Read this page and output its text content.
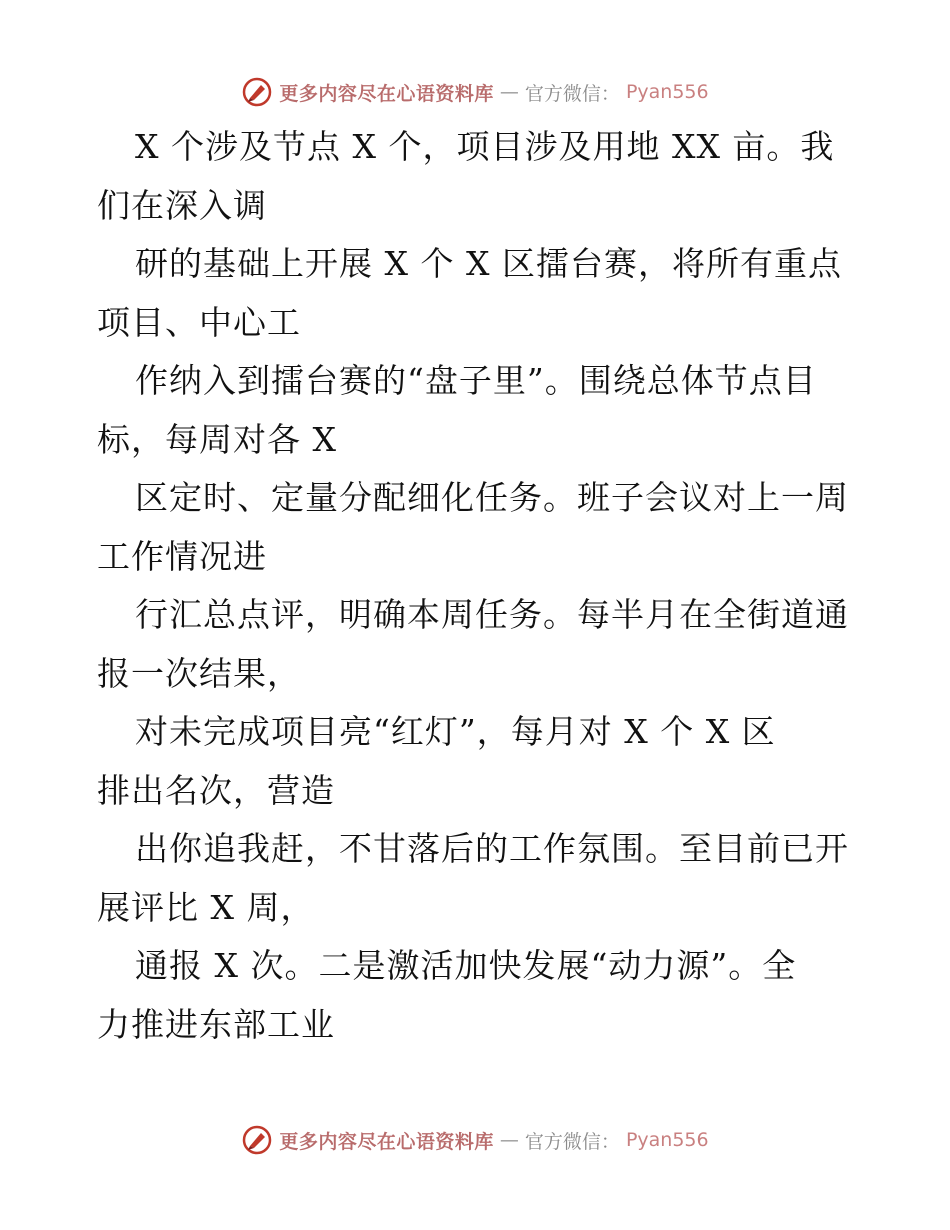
更多内容尽在心语资料库 — 官方微信： Pyan556
X 个涉及节点 X 个，项目涉及用地 XX 亩。我
们在深入调
研的基础上开展 X 个 X 区擂台赛，将所有重点
项目、中心工
作纳入到擂台赛的“盘子里”。围绕总体节点目
标，每周对各 X
区定时、定量分配细化任务。班子会议对上一周
工作情况进
行汇总点评，明确本周任务。每半月在全街道通
报一次结果，
对未完成项目亮“红灯”，每月对 X 个 X 区
排出名次，营造
出你追我赶，不甘落后的工作氛围。至目前已开
展评比 X 周，
通报 X 次。二是激活加快发展“动力源”。全
力推进东部工业
更多内容尽在心语资料库 — 官方微信： Pyan556
